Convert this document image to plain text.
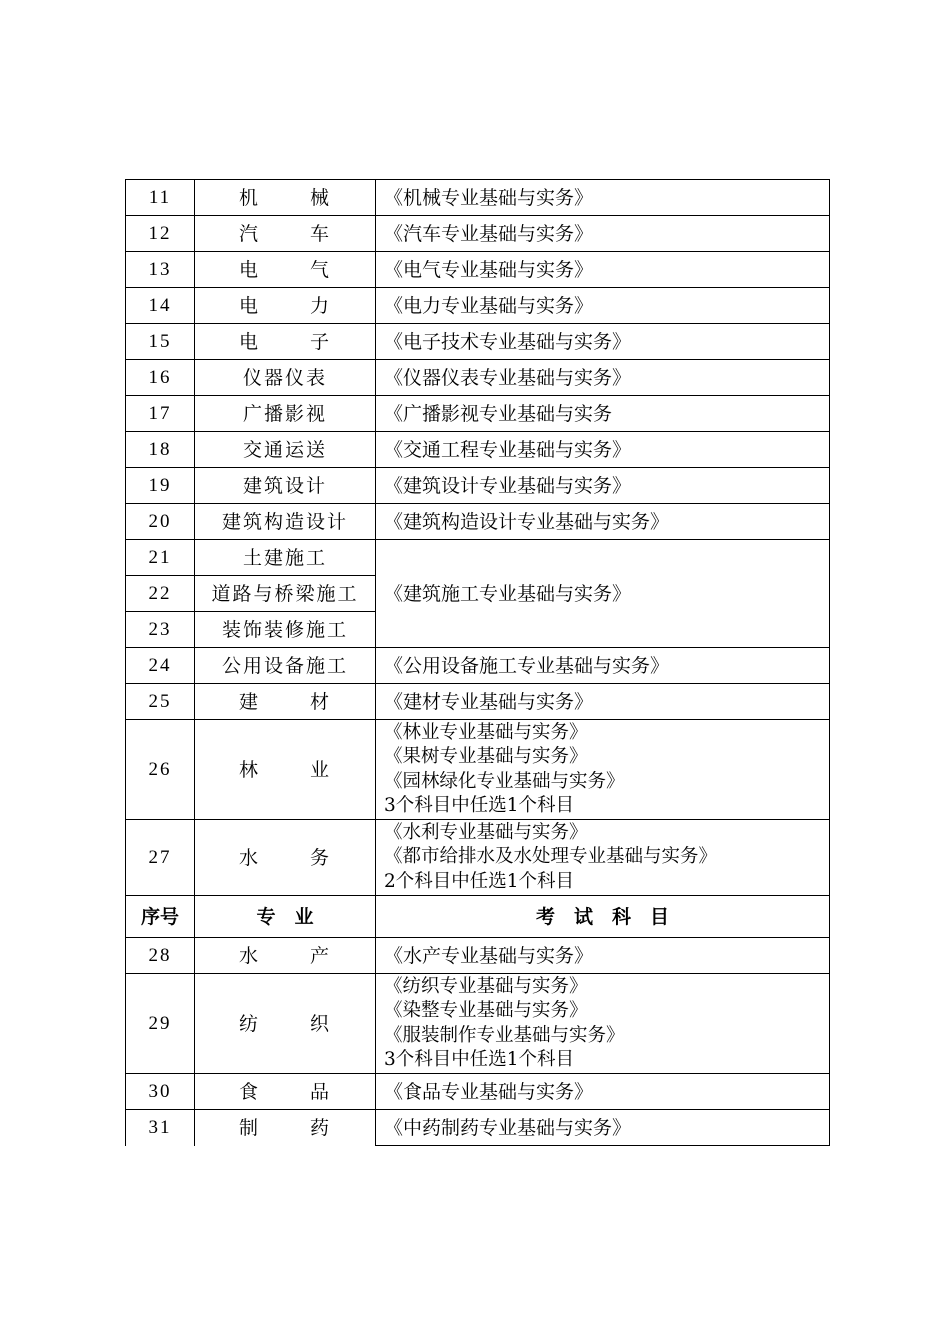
11	机 械	《机械专业基础与实务》
12	汽 车	《汽车专业基础与实务》
13	电 气	《电气专业基础与实务》
14	电 力	《电力专业基础与实务》
15	电 子	《电子技术专业基础与实务》
16	仪器仪表	《仪器仪表专业基础与实务》
17	广播影视	《广播影视专业基础与实务
18	交通运送	《交通工程专业基础与实务》
19	建筑设计	《建筑设计专业基础与实务》
20	建筑构造设计	《建筑构造设计专业基础与实务》
21	土建施工	《建筑施工专业基础与实务》
22	道路与桥梁施工	
23	装饰装修施工	
24	公用设备施工	《公用设备施工专业基础与实务》
25	建 材	《建材专业基础与实务》
26	林 业	《林业专业基础与实务》
《果树专业基础与实务》
《园林绿化专业基础与实务》
3个科目中任选1个科目

27	水 务	《水利专业基础与实务》
《都市给排水及水处理专业基础与实务》
2个科目中任选1个科目

序号	专　业	考　试　科　目
28	水 产	《水产专业基础与实务》
29	纺 织	《纺织专业基础与实务》
《染整专业基础与实务》
《服装制作专业基础与实务》
3个科目中任选1个科目

30	食 品	《食品专业基础与实务》
31	制 药	《中药制药专业基础与实务》
